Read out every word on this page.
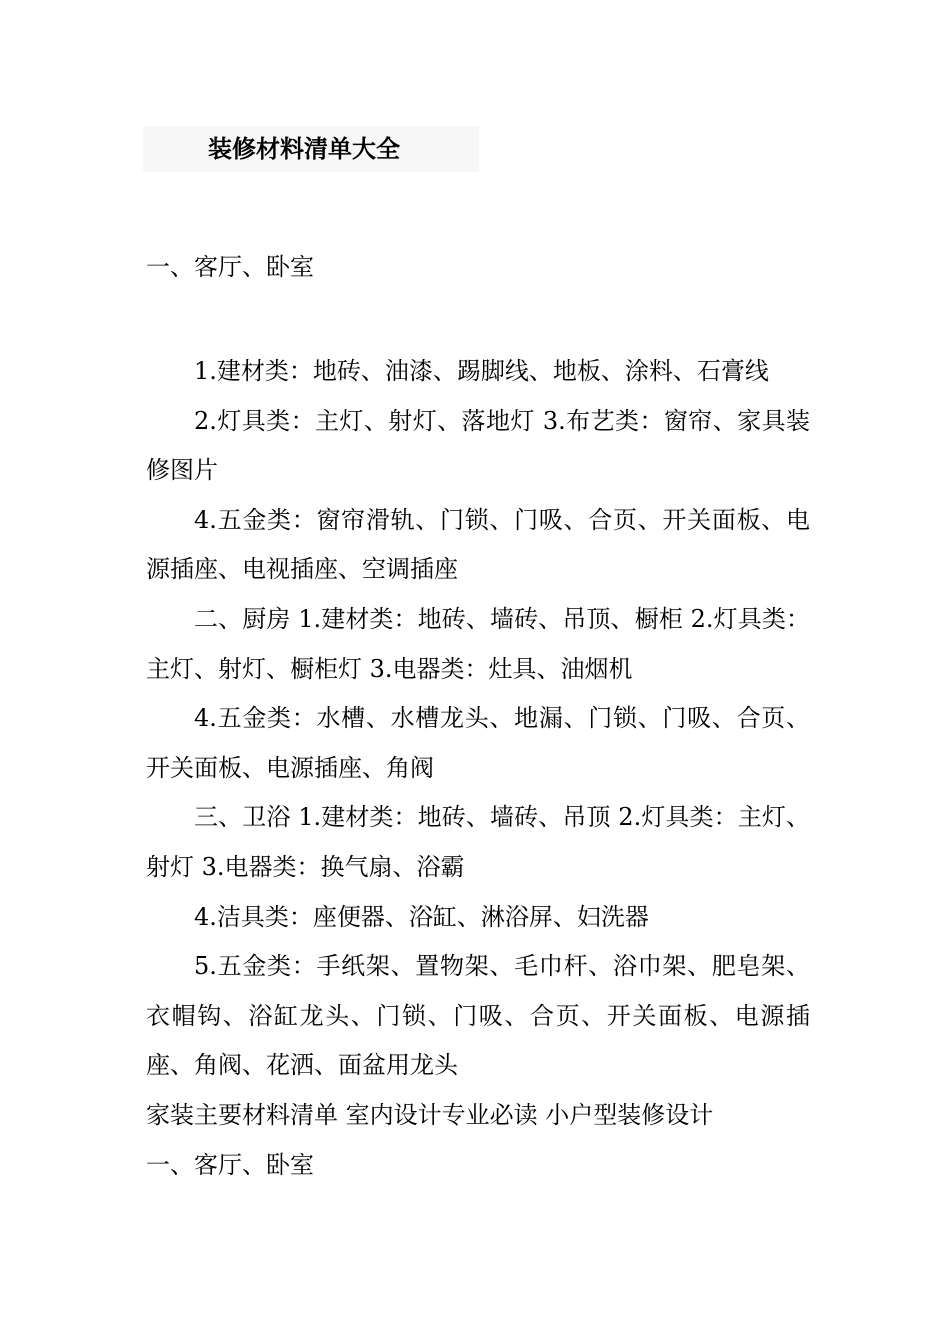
装修材料清单大全
一、客厅、卧室

1.建材类：地砖、油漆、踢脚线、地板、涂料、石膏线

2.灯具类：主灯、射灯、落地灯 3.布艺类：窗帘、家具装修图片

4.五金类：窗帘滑轨、门锁、门吸、合页、开关面板、电源插座、电视插座、空调插座

二、厨房 1.建材类：地砖、墙砖、吊顶、橱柜 2.灯具类：主灯、射灯、橱柜灯 3.电器类：灶具、油烟机

4.五金类：水槽、水槽龙头、地漏、门锁、门吸、合页、开关面板、电源插座、角阀

三、卫浴 1.建材类：地砖、墙砖、吊顶 2.灯具类：主灯、射灯 3.电器类：换气扇、浴霸

4.洁具类：座便器、浴缸、淋浴屏、妇洗器

5.五金类：手纸架、置物架、毛巾杆、浴巾架、肥皂架、衣帽钩、浴缸龙头、门锁、门吸、合页、开关面板、电源插座、角阀、花洒、面盆用龙头

家装主要材料清单 室内设计专业必读 小户型装修设计

一、客厅、卧室
